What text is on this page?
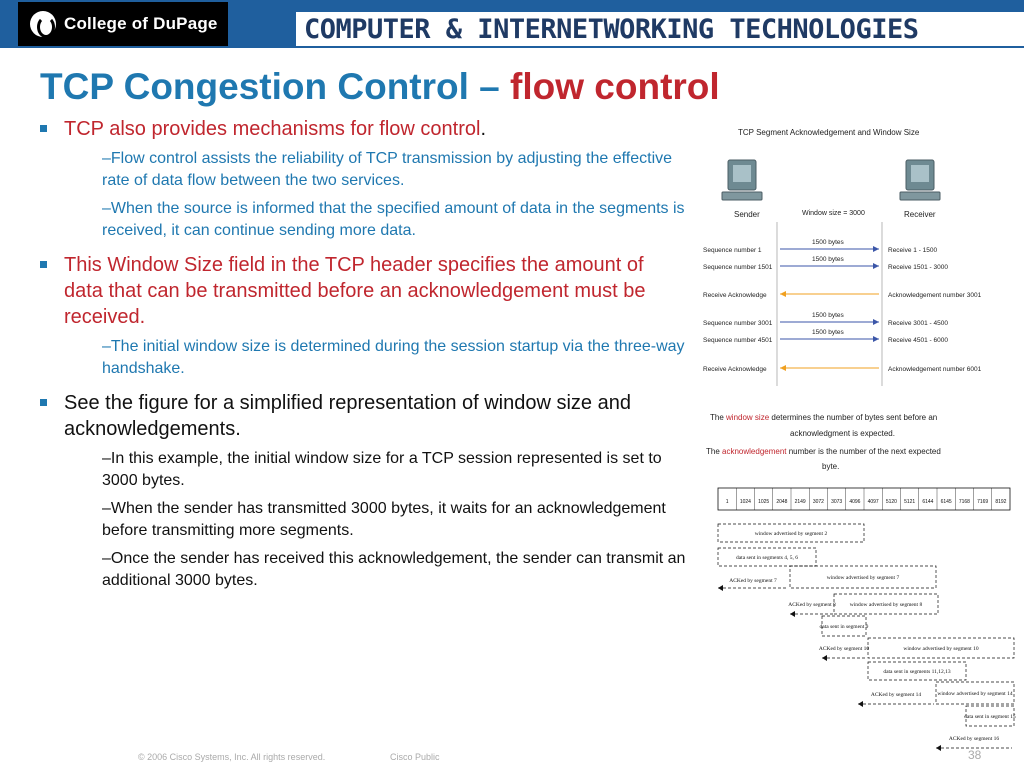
College of DuPage	COMPUTER & INTERNETWORKING TECHNOLOGIES
TCP Congestion Control – flow control
TCP also provides mechanisms for flow control.
–Flow control assists the reliability of TCP transmission by adjusting the effective rate of data flow between the two services.
–When the source is informed that the specified amount of data in the segments is received, it can continue sending more data.
This Window Size field in the TCP header specifies the amount of data that can be transmitted before an acknowledgement must be received.
–The initial window size is determined during the session startup via the three-way handshake.
See the figure for a simplified representation of window size and acknowledgements.
–In this example, the initial window size for a TCP session represented is set to 3000 bytes.
–When the sender has transmitted 3000 bytes, it waits for an acknowledgement before transmitting more segments.
–Once the sender has received this acknowledgement, the sender can transmit an additional 3000 bytes.
TCP Segment Acknowledgement and Window Size
Sender	Window size = 3000	Receiver
Sequence number 1	Receive 1 - 1500
1500 bytes
Sequence number 1501	Receive 1501 - 3000
1500 bytes
Receive Acknowledge	Acknowledgement number 3001
Sequence number 3001	Receive 3001 - 4500
1500 bytes
Sequence number 4501	Receive 4501 - 6000
1500 bytes
Receive Acknowledge	Acknowledgement number 6001
The window size determines the number of bytes sent before an
acknowledgment is expected.
The acknowledgement number is the number of the next expected
byte.
1 1024 1025 2048 2149 3072 3073 4096 4097 5120 5121 6144 6145 7168 7169 8192
window advertised by segment 2
data sent in segments 4, 5, 6
ACKed by segment 7	window advertised by segment 7
ACKed by segment 8	window advertised by segment 8
data sent in segment 9
ACKed by segment 10	window advertised by segment 10
data sent in segments 11,12,13
ACKed by segment 14	window advertised by segment 14
data sent in segment 15
ACKed by segment 16
© 2006 Cisco Systems, Inc. All rights reserved.	Cisco Public	38
